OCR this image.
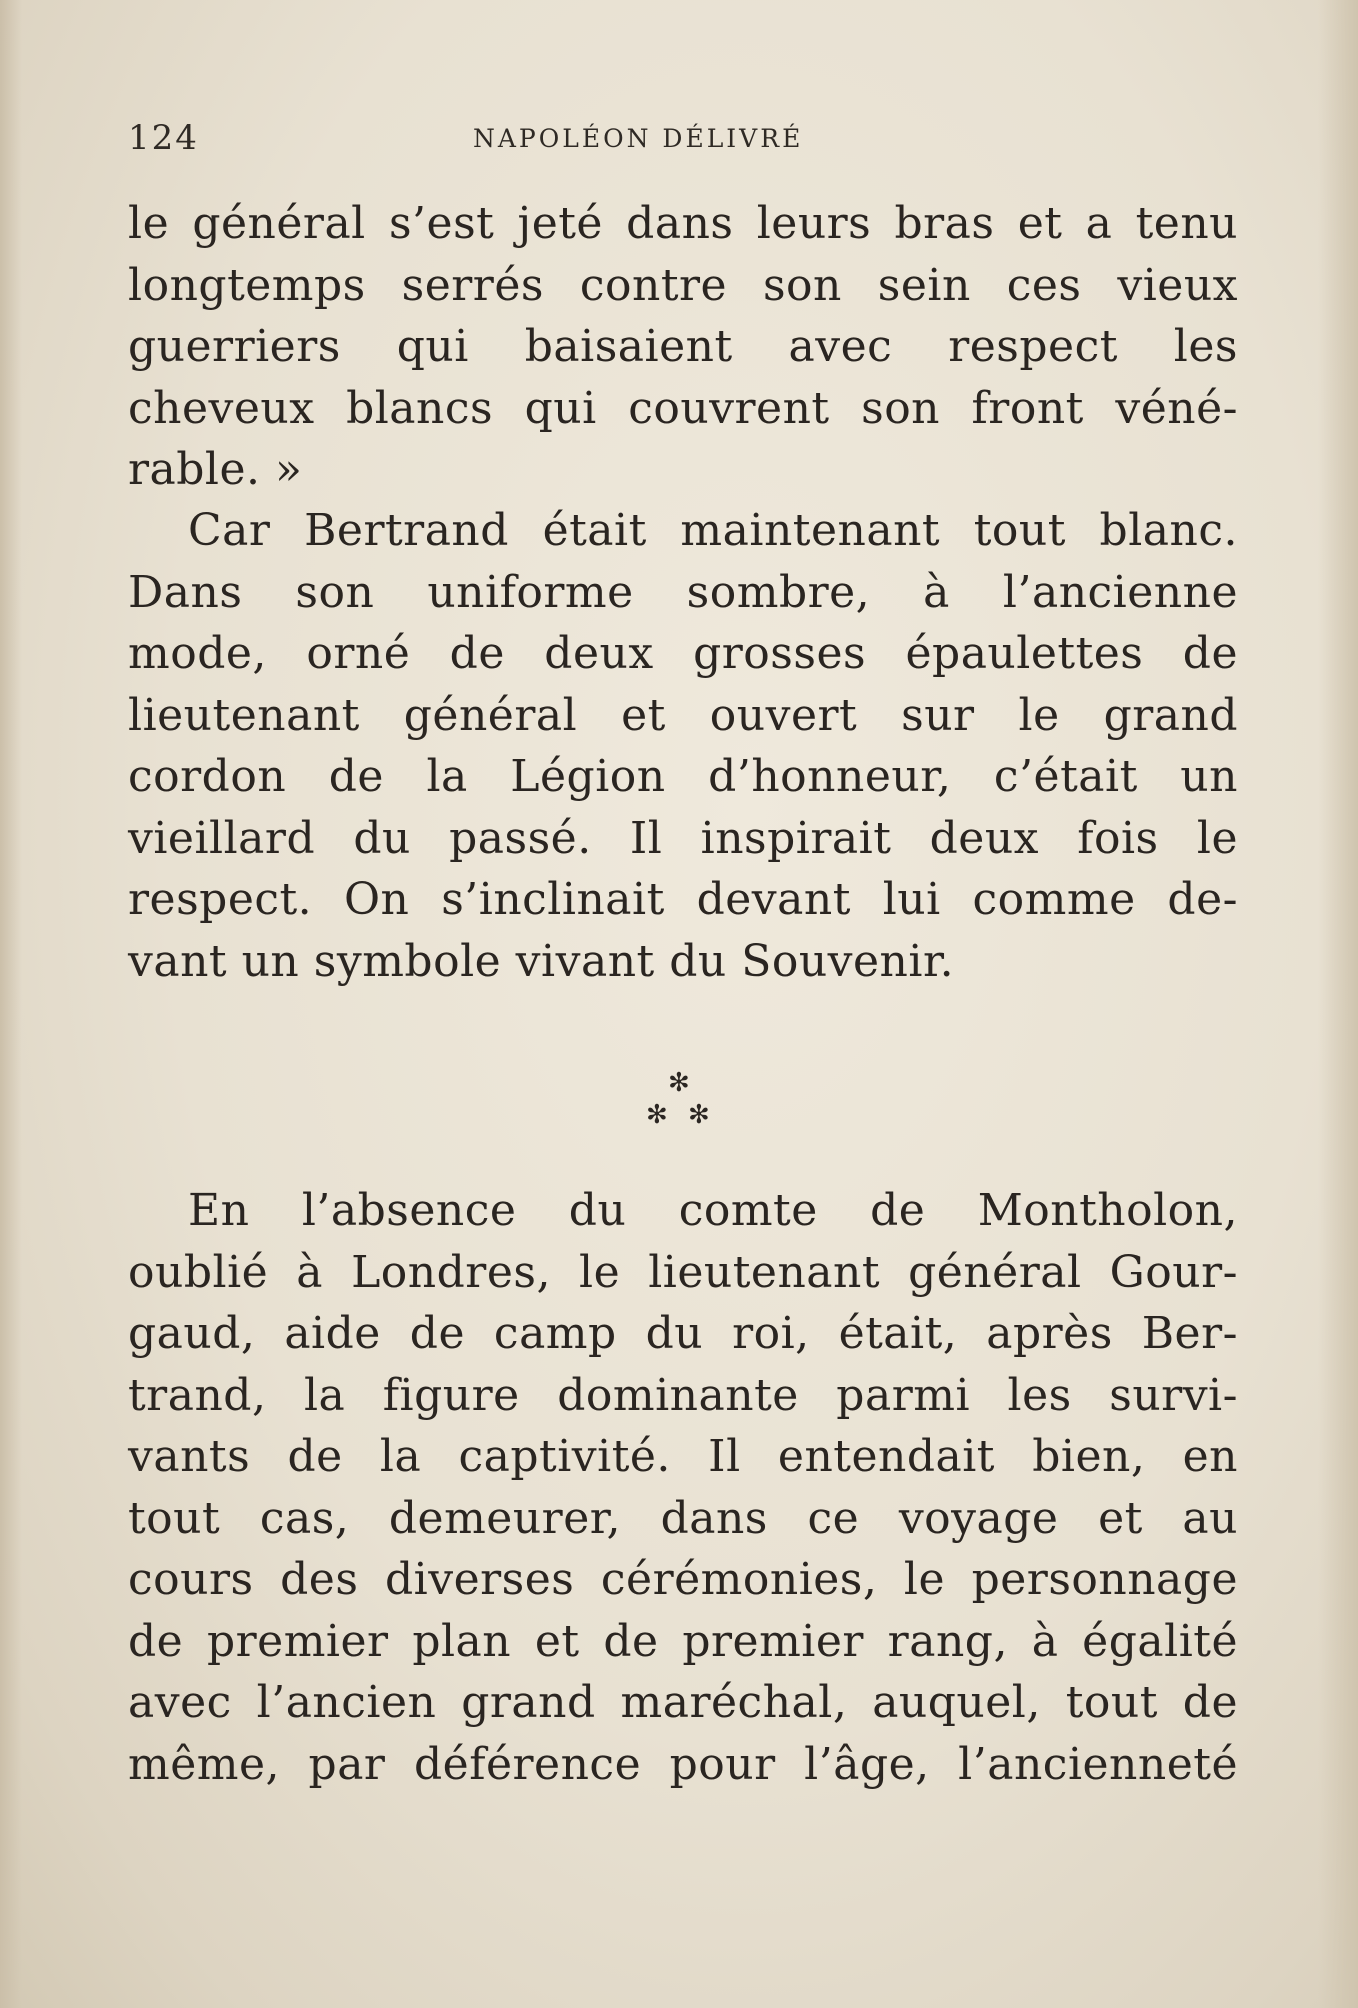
124	NAPOLÉON DÉLIVRÉ
le général s’est jeté dans leurs bras et a tenu
longtemps serrés contre son sein ces vieux
guerriers qui baisaient avec respect les
cheveux blancs qui couvrent son front véné-
rable. »
Car Bertrand était maintenant tout blanc.
Dans son uniforme sombre, à l’ancienne
mode, orné de deux grosses épaulettes de
lieutenant général et ouvert sur le grand
cordon de la Légion d’honneur, c’était un
vieillard du passé. Il inspirait deux fois le
respect. On s’inclinait devant lui comme de-
vant un symbole vivant du Souvenir.
✻
✻ ✻
En l’absence du comte de Montholon,
oublié à Londres, le lieutenant général Gour-
gaud, aide de camp du roi, était, après Ber-
trand, la figure dominante parmi les survi-
vants de la captivité. Il entendait bien, en
tout cas, demeurer, dans ce voyage et au
cours des diverses cérémonies, le personnage
de premier plan et de premier rang, à égalité
avec l’ancien grand maréchal, auquel, tout de
même, par déférence pour l’âge, l’ancienneté
